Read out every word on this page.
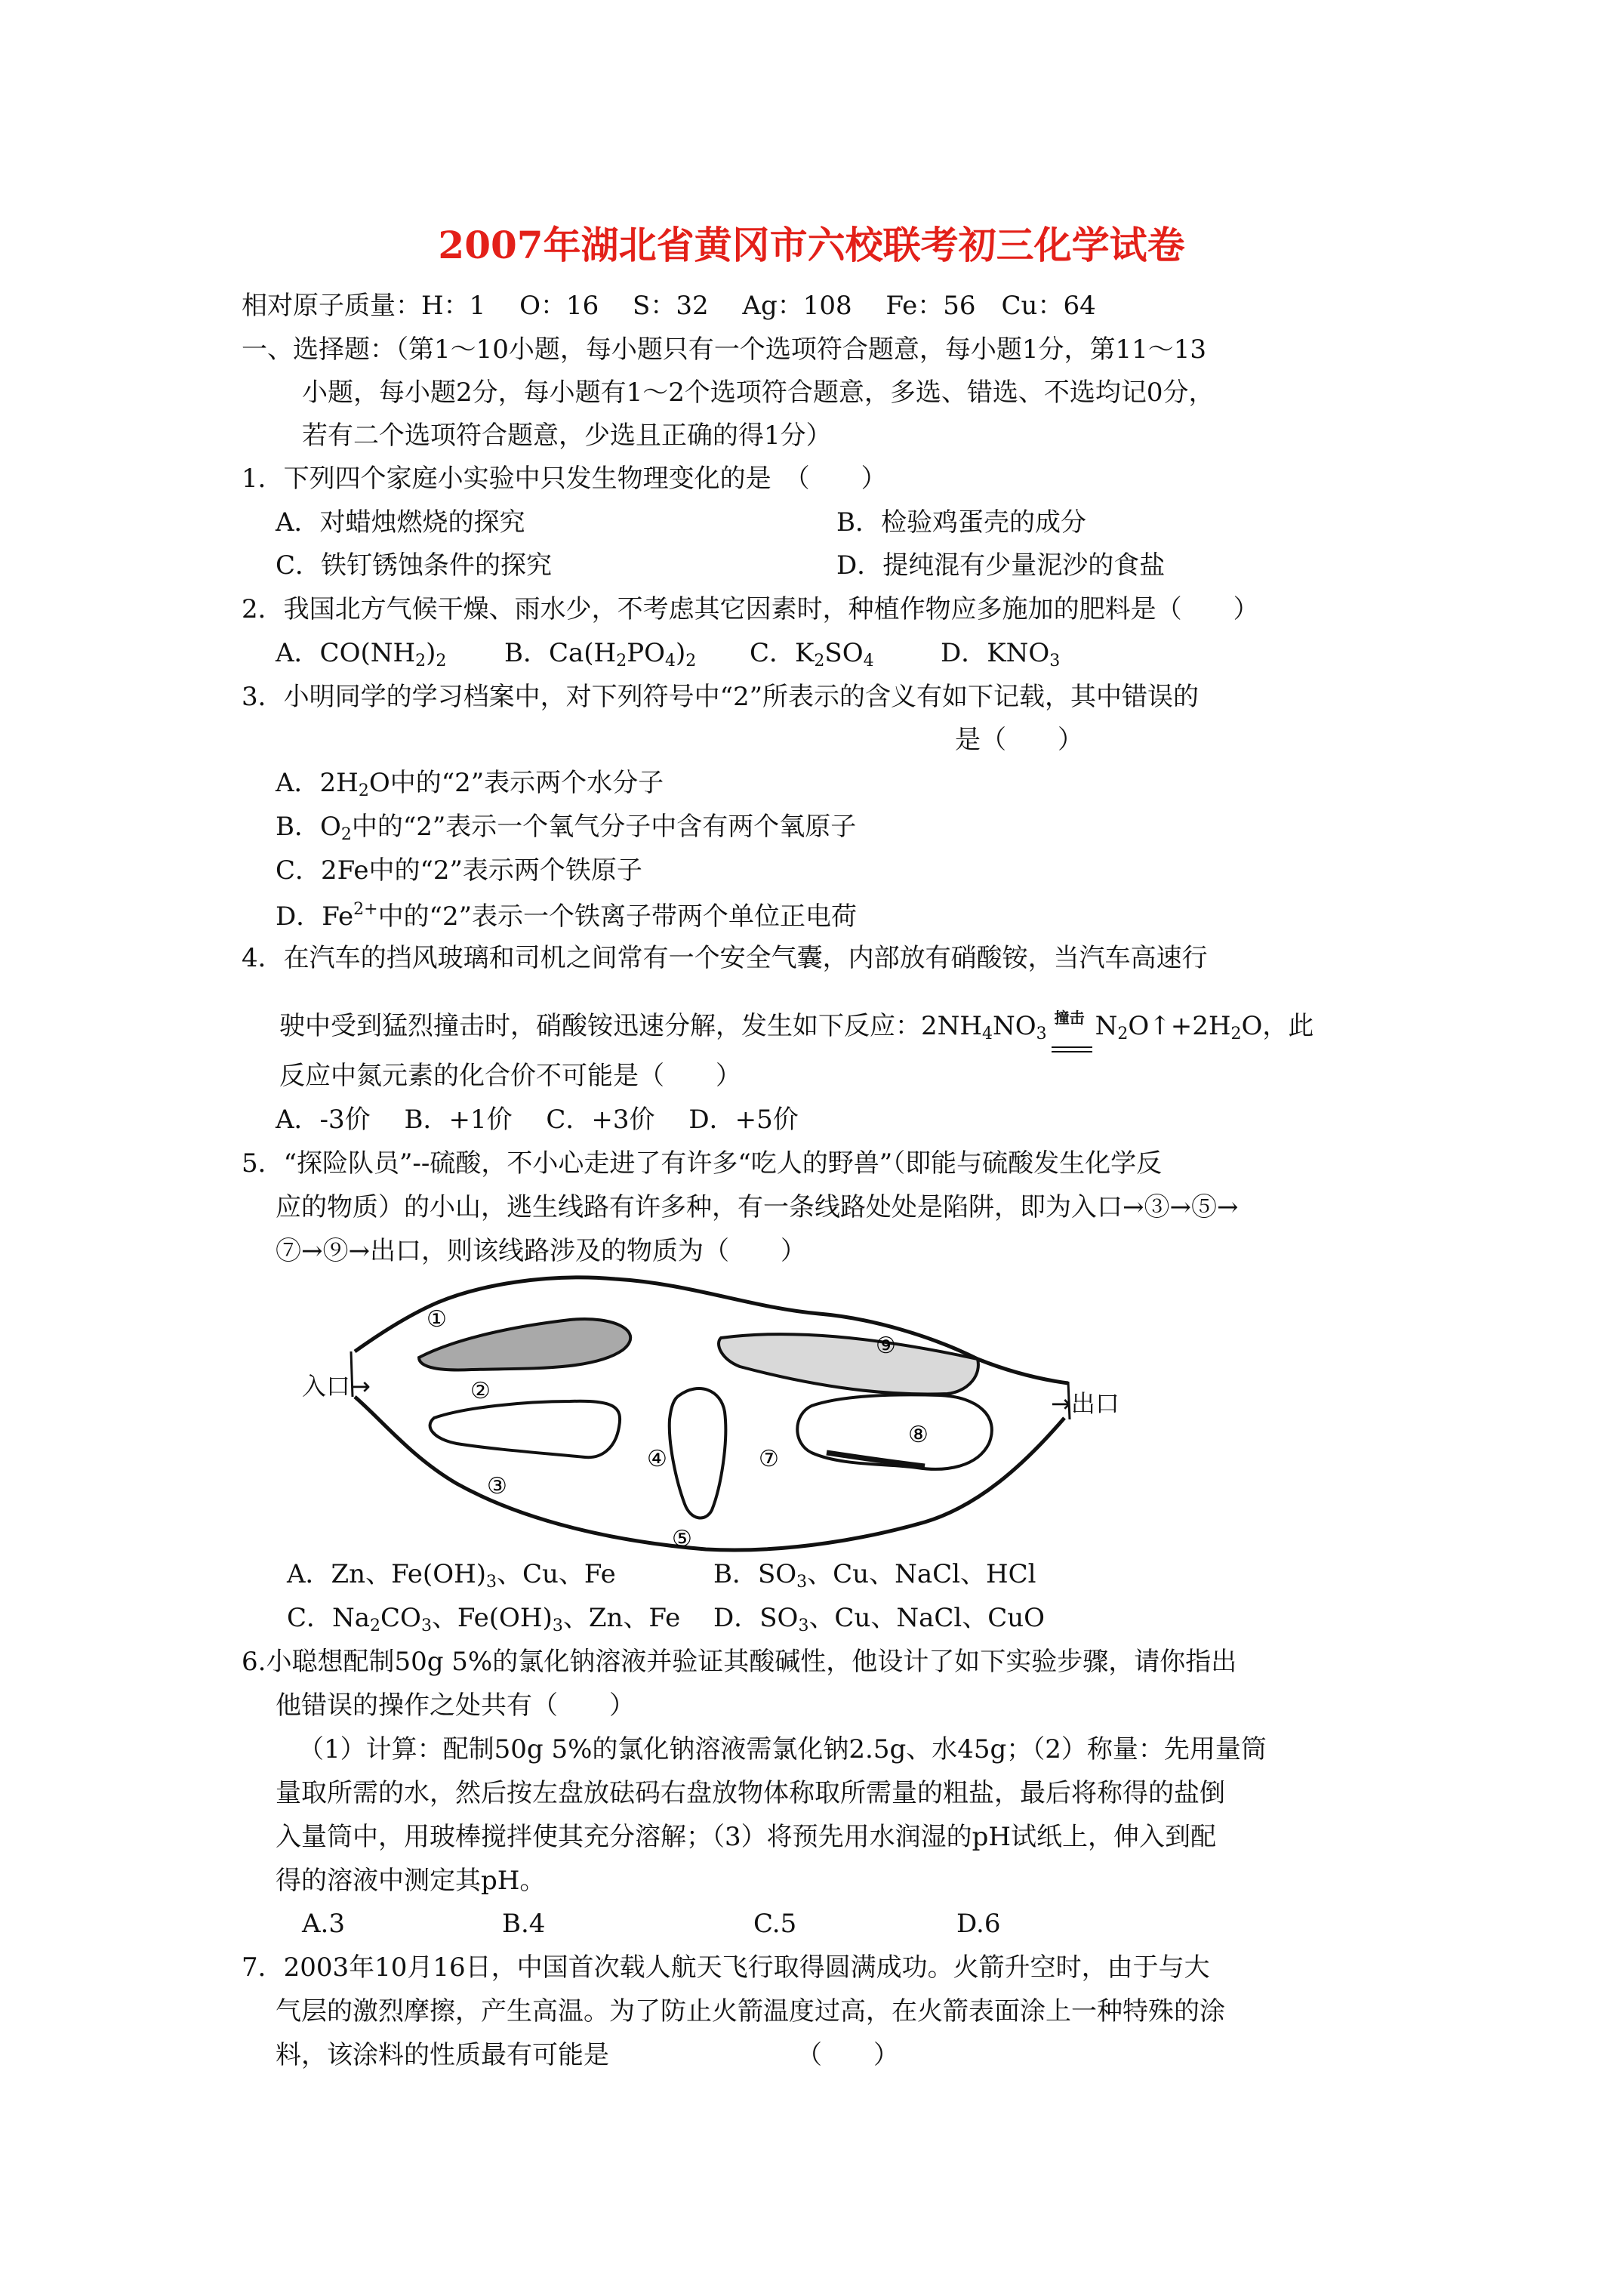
2007年湖北省黄冈市六校联考初三化学试卷
相对原子质量：H：1　 O：16　 S：32　 Ag：108　 Fe：56　Cu：64
一、选择题：（第1～10小题，每小题只有一个选项符合题意，每小题1分，第11～13
小题，每小题2分，每小题有1～2个选项符合题意，多选、错选、不选均记0分，
若有二个选项符合题意，少选且正确的得1分）
1．下列四个家庭小实验中只发生物理变化的是　（　　）
A．对蜡烛燃烧的探究	B．检验鸡蛋壳的成分
C．铁钉锈蚀条件的探究	D．提纯混有少量泥沙的食盐
2．我国北方气候干燥、雨水少，不考虑其它因素时，种植作物应多施加的肥料是（　　）
A．$CO(NH_2)_2$ B．$Ca(H_2PO_4)_2$ C．$K_2SO_4$	D．$KNO_3$
3．小明同学的学习档案中，对下列符号中“2”所表示的含义有如下记载，其中错误的
是（　　）
A．$2H_2O$中的“2”表示两个水分子
B．$O_2$中的“2”表示一个氧气分子中含有两个氧原子
C．2Fe中的“2”表示两个铁原子
D．$Fe^{2+}$中的“2”表示一个铁离子带两个单位正电荷
4．在汽车的挡风玻璃和司机之间常有一个安全气囊，内部放有硝酸铵，当汽车高速行
驶中受到猛烈撞击时，硝酸铵迅速分解，发生如下反应：$2NH_4NO_3$
撞击 $N_2O↑+2H_2O$，此
反应中氮元素的化合价不可能是（　　）
A．-3价　 B．+1价　 C．+3价　 D．+5价
5．“探险队员”--硫酸，不小心走进了有许多“吃人的野兽”（即能与硫酸发生化学反
应的物质）的小山，逃生线路有许多种，有一条线路处处是陷阱，即为入口→③→⑤→
⑦→⑨→出口，则该线路涉及的物质为（　　）
①
②
③
④
⑤
⑦
⑧
⑨
入口→
→出口
A．Zn、$Fe(OH)_3$、Cu、Fe	B．$SO_3$、Cu、NaCl、HCl
C．$Na_2CO_3$、$Fe(OH)_3$、Zn、Fe D．$SO_3$、Cu、NaCl、CuO
6.小聪想配制50g 5%的氯化钠溶液并验证其酸碱性，他设计了如下实验步骤，请你指出
他错误的操作之处共有（　　）
（1）计算：配制50g 5%的氯化钠溶液需氯化钠2.5g、水45g；（2）称量：先用量筒
量取所需的水，然后按左盘放砝码右盘放物体称取所需量的粗盐，最后将称得的盐倒
入量筒中，用玻棒搅拌使其充分溶解；（3）将预先用水润湿的pH试纸上，伸入到配
得的溶液中测定其pH。
A.3	B.4	C.5	D.6
7．2003年10月16日，中国首次载人航天飞行取得圆满成功。火箭升空时，由于与大
气层的激烈摩擦，产生高温。为了防止火箭温度过高，在火箭表面涂上一种特殊的涂
料，该涂料的性质最有可能是	（　　）
